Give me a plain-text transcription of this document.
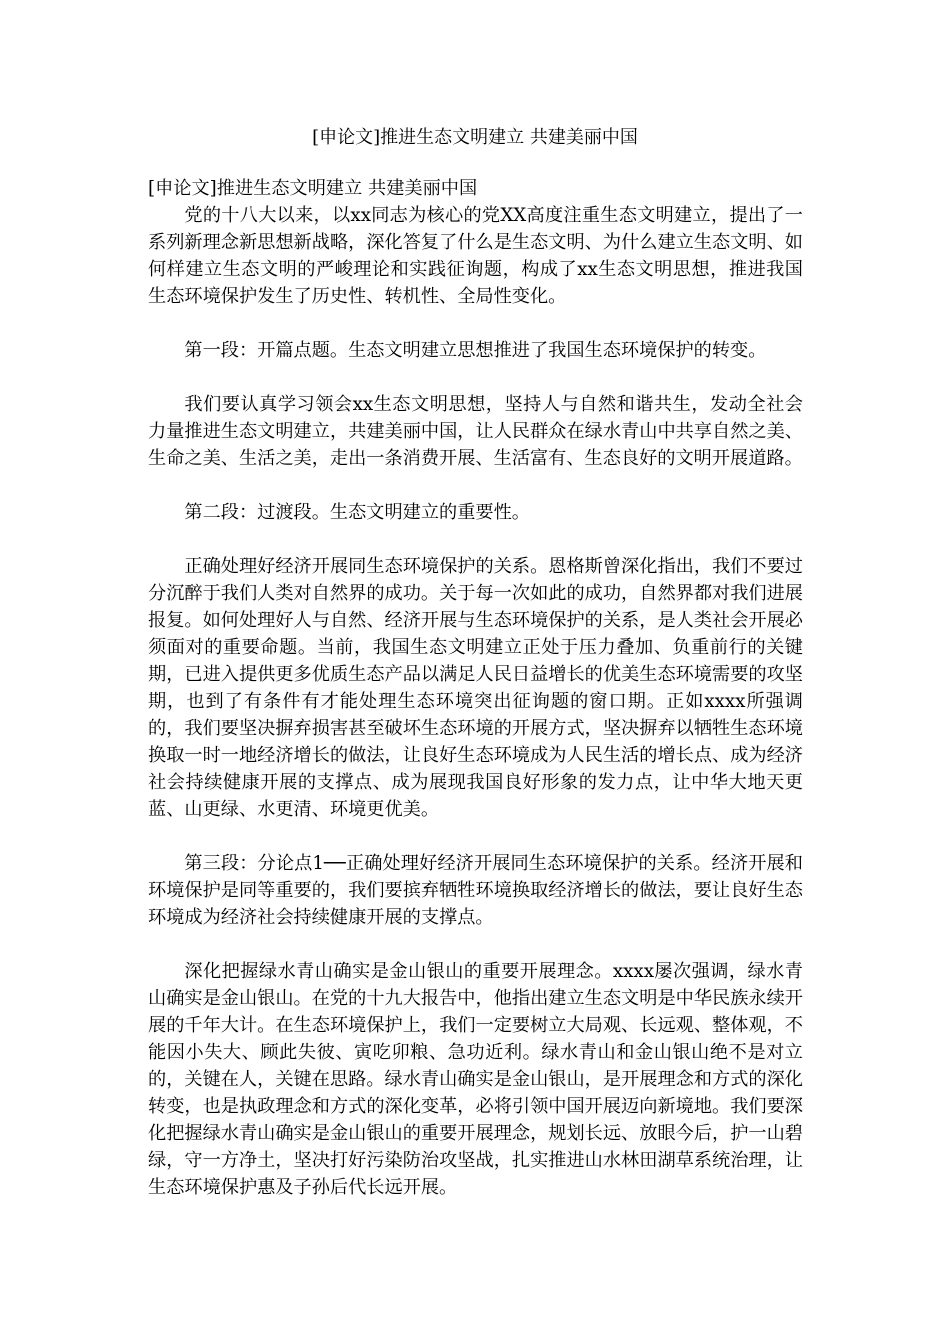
[申论文]推进生态文明建立 共建美丽中国

[申论文]推进生态文明建立 共建美丽中国

党的十八大以来，以xx同志为核心的党XX高度注重生态文明建立，提出了一系列新理念新思想新战略，深化答复了什么是生态文明、为什么建立生态文明、如何样建立生态文明的严峻理论和实践征询题，构成了xx生态文明思想，推进我国生态环境保护发生了历史性、转机性、全局性变化。

第一段：开篇点题。生态文明建立思想推进了我国生态环境保护的转变。

我们要认真学习领会xx生态文明思想，坚持人与自然和谐共生，发动全社会力量推进生态文明建立，共建美丽中国，让人民群众在绿水青山中共享自然之美、生命之美、生活之美，走出一条消费开展、生活富有、生态良好的文明开展道路。

第二段：过渡段。生态文明建立的重要性。

正确处理好经济开展同生态环境保护的关系。恩格斯曾深化指出，我们不要过分沉醉于我们人类对自然界的成功。关于每一次如此的成功，自然界都对我们进展报复。如何处理好人与自然、经济开展与生态环境保护的关系，是人类社会开展必须面对的重要命题。当前，我国生态文明建立正处于压力叠加、负重前行的关键期，已进入提供更多优质生态产品以满足人民日益增长的优美生态环境需要的攻坚期，也到了有条件有才能处理生态环境突出征询题的窗口期。正如xxxx所强调的，我们要坚决摒弃损害甚至破坏生态环境的开展方式，坚决摒弃以牺牲生态环境换取一时一地经济增长的做法，让良好生态环境成为人民生活的增长点、成为经济社会持续健康开展的支撑点、成为展现我国良好形象的发力点，让中华大地天更蓝、山更绿、水更清、环境更优美。

第三段：分论点1──正确处理好经济开展同生态环境保护的关系。经济开展和环境保护是同等重要的，我们要摈弃牺牲环境换取经济增长的做法，要让良好生态环境成为经济社会持续健康开展的支撑点。

深化把握绿水青山确实是金山银山的重要开展理念。xxxx屡次强调，绿水青山确实是金山银山。在党的十九大报告中，他指出建立生态文明是中华民族永续开展的千年大计。在生态环境保护上，我们一定要树立大局观、长远观、整体观，不能因小失大、顾此失彼、寅吃卯粮、急功近利。绿水青山和金山银山绝不是对立的，关键在人，关键在思路。绿水青山确实是金山银山，是开展理念和方式的深化转变，也是执政理念和方式的深化变革，必将引领中国开展迈向新境地。我们要深化把握绿水青山确实是金山银山的重要开展理念，规划长远、放眼今后，护一山碧绿，守一方净土，坚决打好污染防治攻坚战，扎实推进山水林田湖草系统治理，让生态环境保护惠及子孙后代长远开展。
